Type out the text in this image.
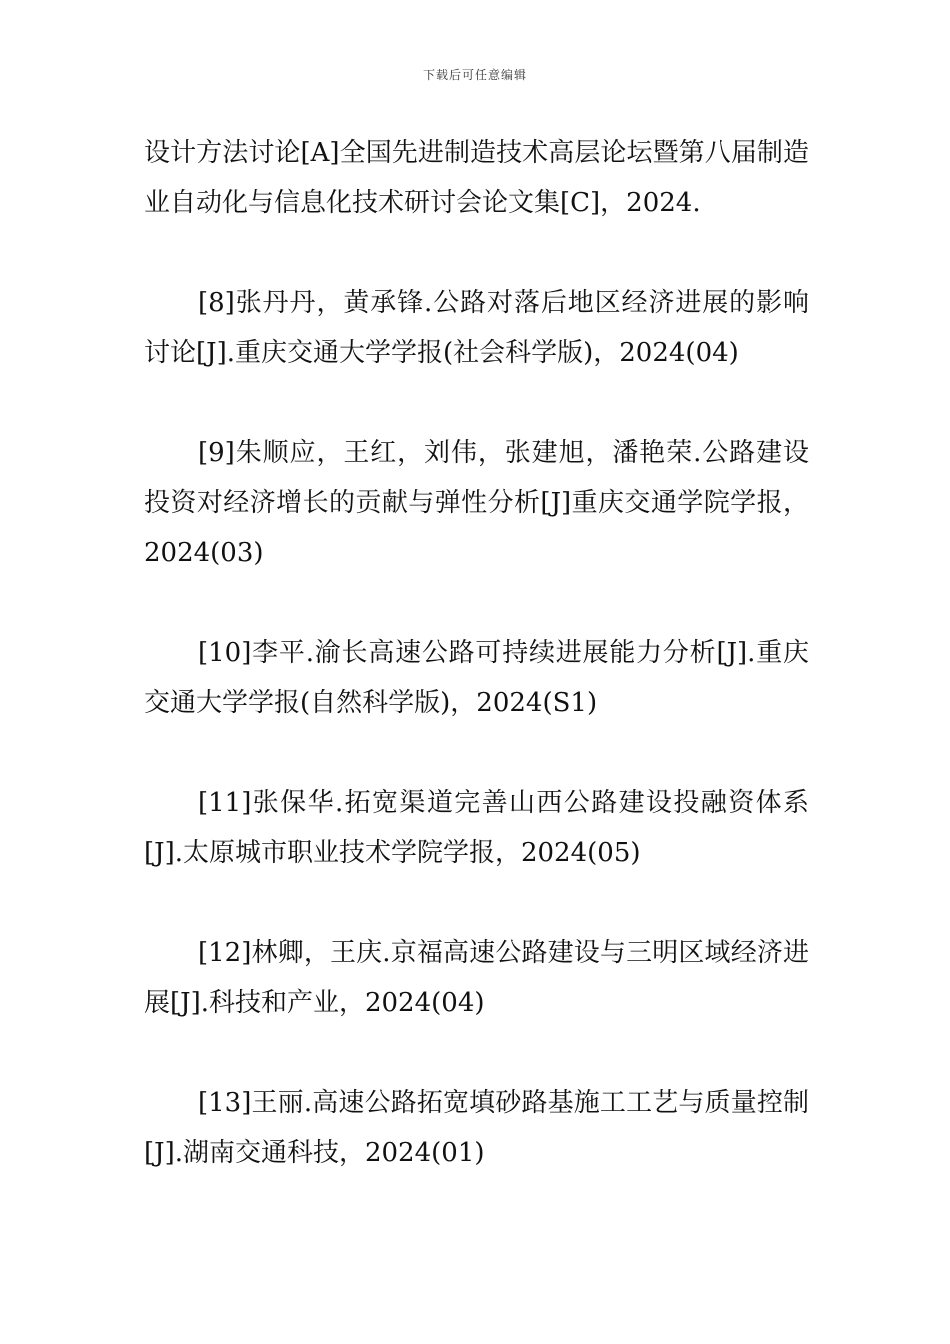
下载后可任意编辑

设计方法讨论[A]全国先进制造技术高层论坛暨第八届制造业自动化与信息化技术研讨会论文集[C]，2024.

[8]张丹丹，黄承锋.公路对落后地区经济进展的影响讨论[J].重庆交通大学学报(社会科学版)，2024(04)

[9]朱顺应，王红，刘伟，张建旭，潘艳荣.公路建设投资对经济增长的贡献与弹性分析[J]重庆交通学院学报，2024(03)

[10]李平.渝长高速公路可持续进展能力分析[J].重庆交通大学学报(自然科学版)，2024(S1)

[11]张保华.拓宽渠道完善山西公路建设投融资体系[J].太原城市职业技术学院学报，2024(05)

[12]林卿，王庆.京福高速公路建设与三明区域经济进展[J].科技和产业，2024(04)

[13]王丽.高速公路拓宽填砂路基施工工艺与质量控制[J].湖南交通科技，2024(01)
